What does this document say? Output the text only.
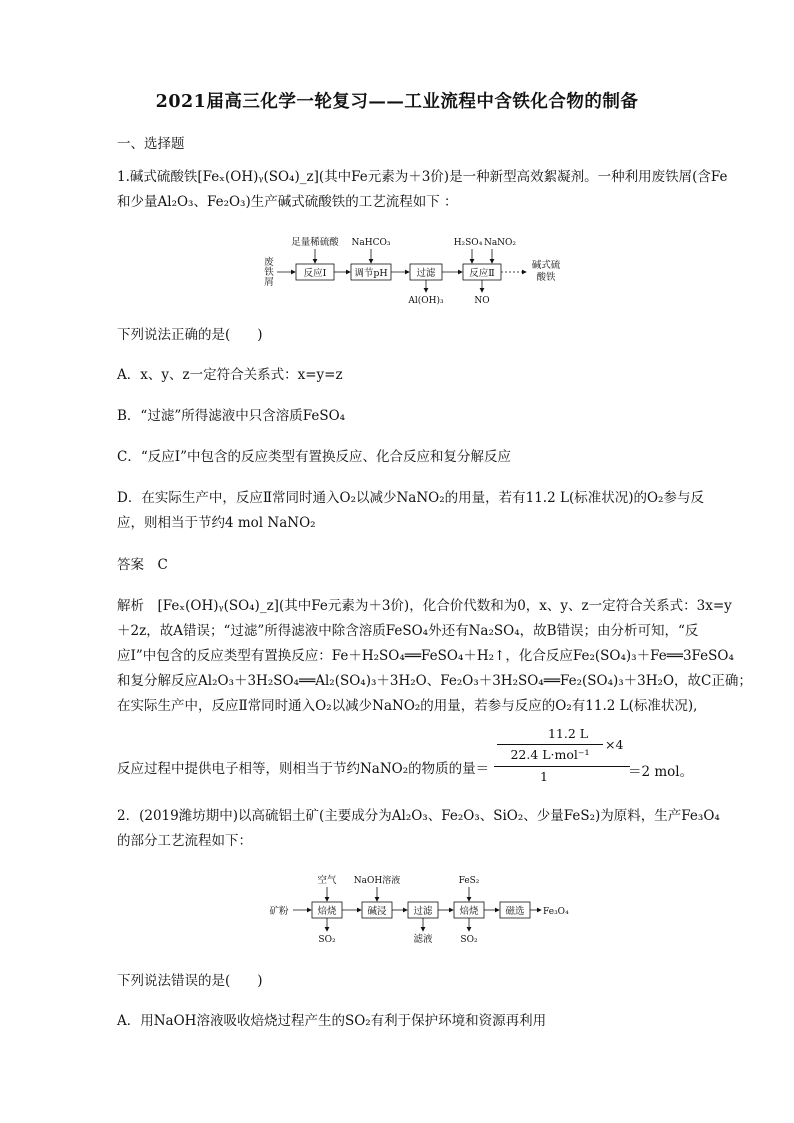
2021届高三化学一轮复习——工业流程中含铁化合物的制备
一、选择题
1.碱式硫酸铁[Feₓ(OH)ᵧ(SO₄)_z](其中Fe元素为＋3价)是一种新型高效絮凝剂。一种利用废铁屑(含Fe
和少量Al₂O₃、Fe₂O₃)生产碱式硫酸铁的工艺流程如下 ：
废
铁
屑
反应Ⅰ	调节pH	过滤	反应Ⅱ
碱式硫
酸铁
足量稀硫酸 NaHCO₃	H₂SO₄ NaNO₂
Al(OH)₃	NO
下列说法正确的是(　　)
A．x、y、z一定符合关系式：x=y=z
B．“过滤”所得滤液中只含溶质FeSO₄
C．“反应Ⅰ”中包含的反应类型有置换反应、化合反应和复分解反应
D．在实际生产中，反应Ⅱ常同时通入O₂以减少NaNO₂的用量，若有11.2 L(标准状况)的O₂参与反
应，则相当于节约4 mol NaNO₂
答案　C
解析　[Feₓ(OH)ᵧ(SO₄)_z](其中Fe元素为＋3价)，化合价代数和为0，x、y、z一定符合关系式：3x=y
＋2z，故A错误；“过滤”所得滤液中除含溶质FeSO₄外还有Na₂SO₄，故B错误；由分析可知，“反
应Ⅰ”中包含的反应类型有置换反应：Fe＋H₂SO₄══FeSO₄＋H₂↑，化合反应Fe₂(SO₄)₃＋Fe══3FeSO₄
和复分解反应Al₂O₃＋3H₂SO₄══Al₂(SO₄)₃＋3H₂O、Fe₂O₃＋3H₂SO₄══Fe₂(SO₄)₃＋3H₂O，故C正确；
在实际生产中，反应Ⅱ常同时通入O₂以减少NaNO₂的用量，若参与反应的O₂有11.2 L(标准状况),
反应过程中提供电子相等，则相当于节约NaNO₂的物质的量＝
11.2 L
22.4 L·mol⁻¹
×4
1	＝2 mol。
2．(2019潍坊期中)以高硫铝土矿(主要成分为Al₂O₃、Fe₂O₃、SiO₂、少量FeS₂)为原料，生产Fe₃O₄
的部分工艺流程如下：
矿粉	焙烧	碱浸	过滤	焙烧	磁选 Fe₃O₄
空气 NaOH溶液	FeS₂
SO₂	滤液	SO₂
下列说法错误的是(　　)
A．用NaOH溶液吸收焙烧过程产生的SO₂有利于保护环境和资源再利用
